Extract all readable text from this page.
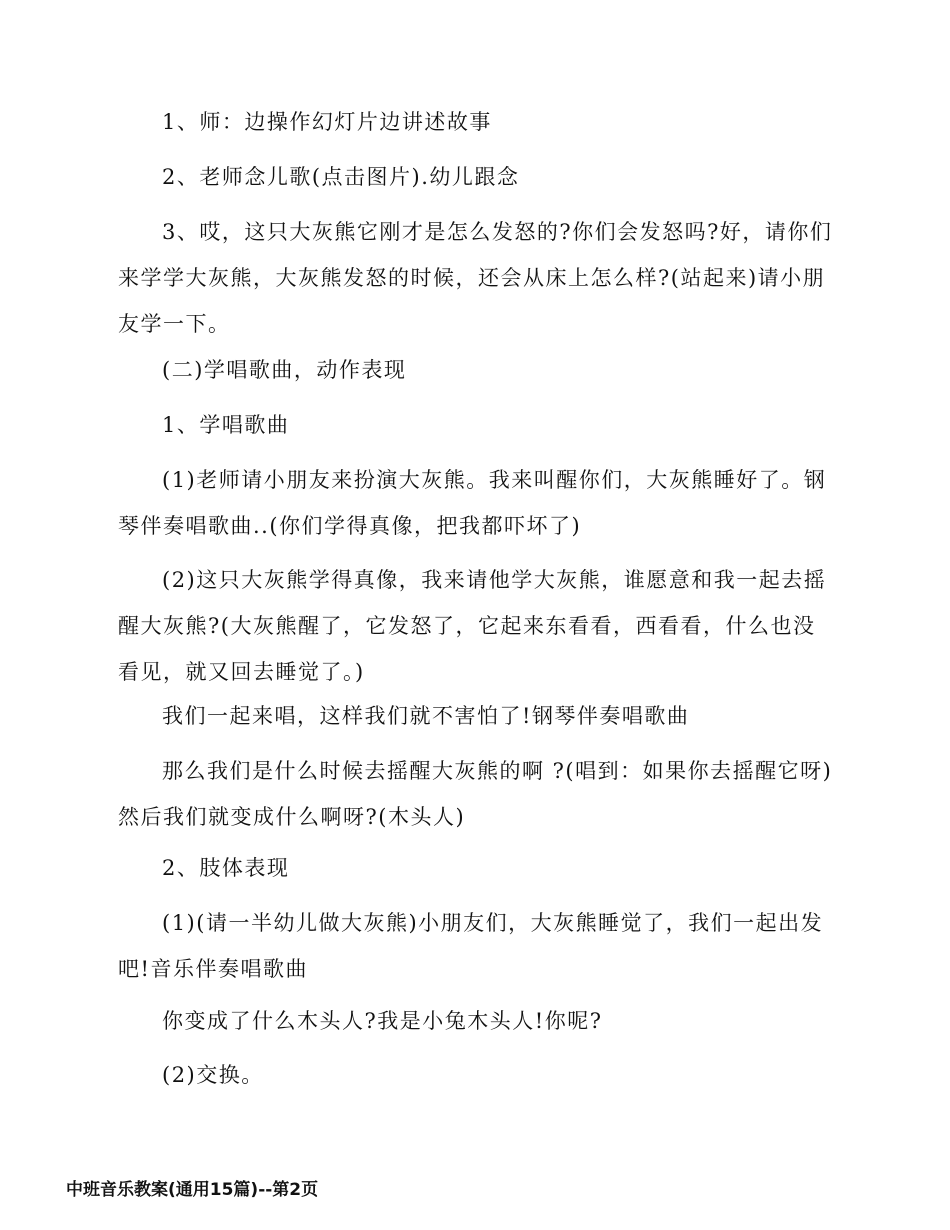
1、师：边操作幻灯片边讲述故事
2、老师念儿歌(点击图片).幼儿跟念
3、哎，这只大灰熊它刚才是怎么发怒的?你们会发怒吗?好，请你们来学学大灰熊，大灰熊发怒的时候，还会从床上怎么样?(站起来)请小朋友学一下。
(二)学唱歌曲，动作表现
1、学唱歌曲
(1)老师请小朋友来扮演大灰熊。我来叫醒你们，大灰熊睡好了。钢琴伴奏唱歌曲..(你们学得真像，把我都吓坏了)
(2)这只大灰熊学得真像，我来请他学大灰熊，谁愿意和我一起去摇醒大灰熊?(大灰熊醒了，它发怒了，它起来东看看，西看看，什么也没看见，就又回去睡觉了。)
我们一起来唱，这样我们就不害怕了!钢琴伴奏唱歌曲
那么我们是什么时候去摇醒大灰熊的啊 ?(唱到：如果你去摇醒它呀)然后我们就变成什么啊呀?(木头人)
2、肢体表现
(1)(请一半幼儿做大灰熊)小朋友们，大灰熊睡觉了，我们一起出发吧!音乐伴奏唱歌曲
你变成了什么木头人?我是小兔木头人!你呢?
(2)交换。
中班音乐教案(通用15篇)--第2页
